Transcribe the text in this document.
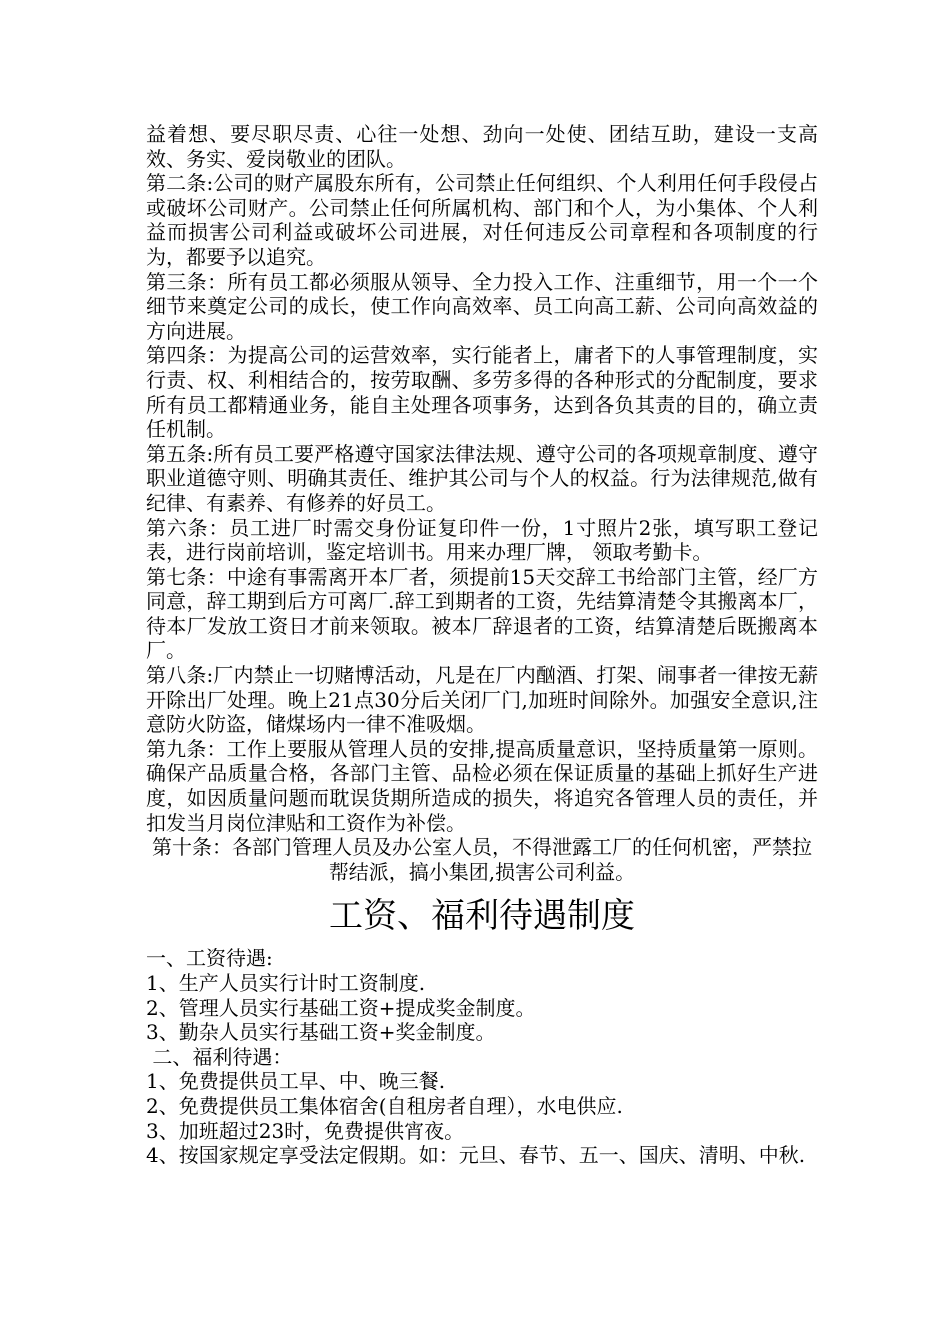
益着想、要尽职尽责、心往一处想、劲向一处使、团结互助，建设一支高效、务实、爱岗敬业的团队。

第二条:公司的财产属股东所有，公司禁止任何组织、个人利用任何手段侵占或破坏公司财产。公司禁止任何所属机构、部门和个人，为小集体、个人利益而损害公司利益或破坏公司进展，对任何违反公司章程和各项制度的行为，都要予以追究。

第三条：所有员工都必须服从领导、全力投入工作、注重细节，用一个一个细节来奠定公司的成长，使工作向高效率、员工向高工薪、公司向高效益的方向进展。

第四条：为提高公司的运营效率，实行能者上，庸者下的人事管理制度，实行责、权、利相结合的，按劳取酬、多劳多得的各种形式的分配制度，要求所有员工都精通业务，能自主处理各项事务，达到各负其责的目的，确立责任机制。

第五条:所有员工要严格遵守国家法律法规、遵守公司的各项规章制度、遵守职业道德守则、明确其责任、维护其公司与个人的权益。行为法律规范,做有纪律、有素养、有修养的好员工。

第六条：员工进厂时需交身份证复印件一份，1寸照片2张，填写职工登记表，进行岗前培训，鉴定培训书。用来办理厂牌， 领取考勤卡。

第七条：中途有事需离开本厂者，须提前15天交辞工书给部门主管，经厂方同意，辞工期到后方可离厂.辞工到期者的工资，先结算清楚令其搬离本厂，待本厂发放工资日才前来领取。被本厂辞退者的工资，结算清楚后既搬离本厂。

第八条:厂内禁止一切赌博活动，凡是在厂内酗酒、打架、闹事者一律按无薪开除出厂处理。晚上21点30分后关闭厂门,加班时间除外。加强安全意识,注意防火防盗，储煤场内一律不准吸烟。

第九条：工作上要服从管理人员的安排,提高质量意识，坚持质量第一原则。确保产品质量合格，各部门主管、品检必须在保证质量的基础上抓好生产进度，如因质量问题而耽误货期所造成的损失，将追究各管理人员的责任，并扣发当月岗位津贴和工资作为补偿。

第十条：各部门管理人员及办公室人员，不得泄露工厂的任何机密，严禁拉帮结派，搞小集团,损害公司利益。

工资、福利待遇制度

一、工资待遇:

1、生产人员实行计时工资制度.

2、管理人员实行基础工资+提成奖金制度。

3、勤杂人员实行基础工资+奖金制度。

二、福利待遇：

1、免费提供员工早、中、晚三餐.

2、免费提供员工集体宿舍(自租房者自理），水电供应.

3、加班超过23时，免费提供宵夜。

4、按国家规定享受法定假期。如：元旦、春节、五一、国庆、清明、中秋.
